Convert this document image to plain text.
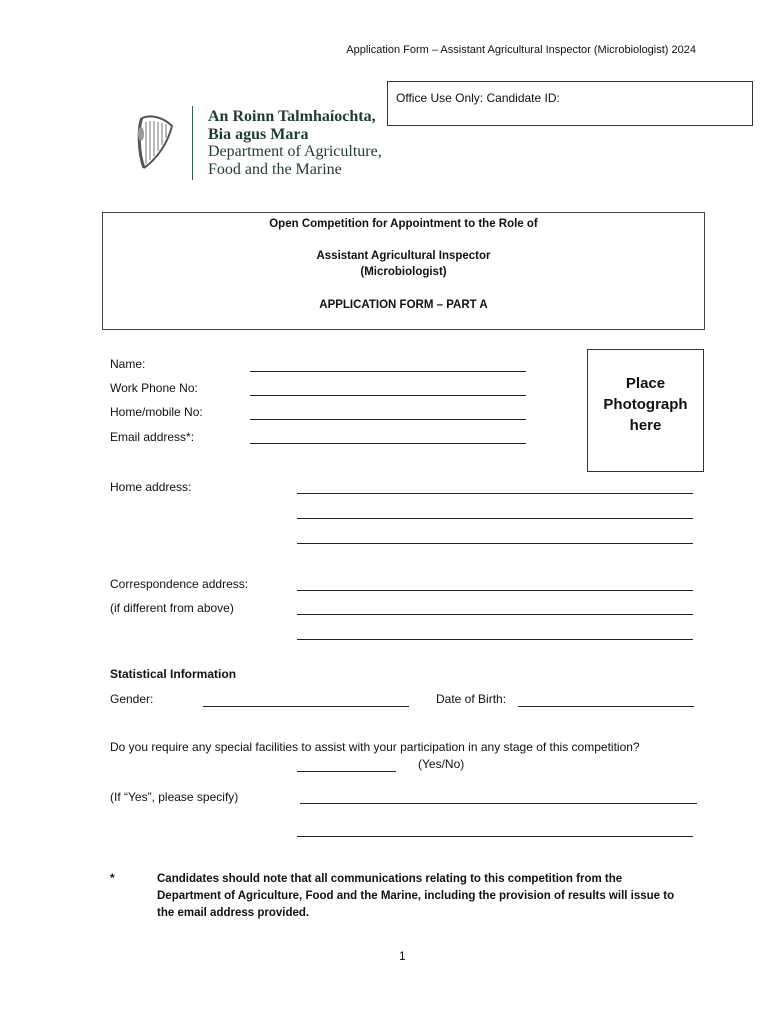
Application Form – Assistant Agricultural Inspector (Microbiologist) 2024
An Roinn Talmhaíochta,
Bia agus Mara
Department of Agriculture,
Food and the Marine
Office Use Only: Candidate ID:
Open Competition for Appointment to the Role of
Assistant Agricultural Inspector
(Microbiologist)
APPLICATION FORM – PART A
Place
Photograph
here
Name:
Work Phone No:
Home/mobile No:
Email address*:
Home address:
Correspondence address:
(if different from above)
Statistical Information
Gender:	Date of Birth:
Do you require any special facilities to assist with your participation in any stage of this competition?
(Yes/No)
(If “Yes”, please specify)
*	Candidates should note that all communications relating to this competition from the Department of Agriculture, Food and the Marine, including the provision of results will issue to the email address provided.
1
